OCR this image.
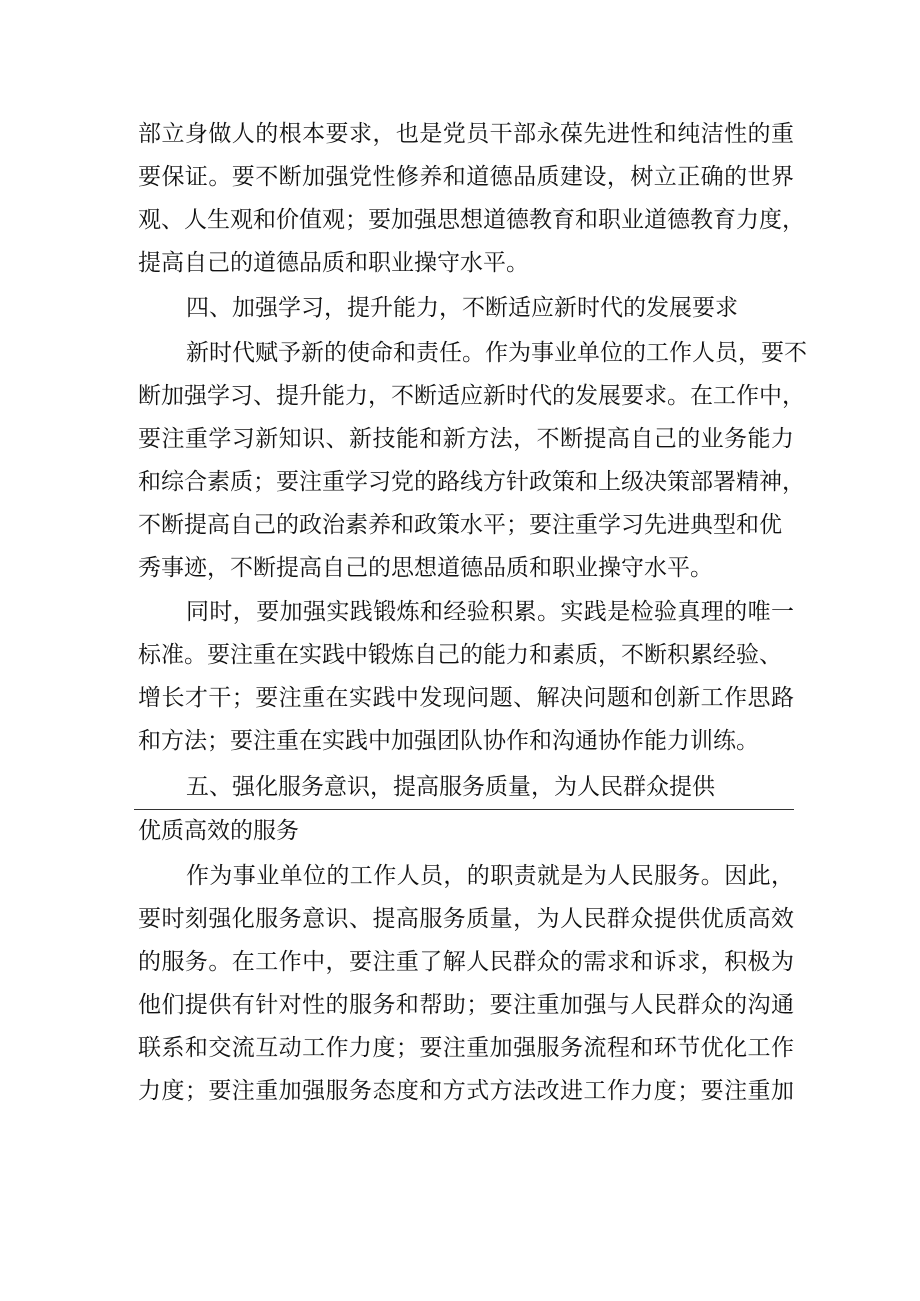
部立身做人的根本要求，也是党员干部永葆先进性和纯洁性的重
要保证。要不断加强党性修养和道德品质建设，树立正确的世界
观、人生观和价值观；要加强思想道德教育和职业道德教育力度，
提高自己的道德品质和职业操守水平。
四、加强学习，提升能力，不断适应新时代的发展要求
新时代赋予新的使命和责任。作为事业单位的工作人员，要不
断加强学习、提升能力，不断适应新时代的发展要求。在工作中，
要注重学习新知识、新技能和新方法，不断提高自己的业务能力
和综合素质；要注重学习党的路线方针政策和上级决策部署精神，
不断提高自己的政治素养和政策水平；要注重学习先进典型和优
秀事迹，不断提高自己的思想道德品质和职业操守水平。
同时，要加强实践锻炼和经验积累。实践是检验真理的唯一
标准。要注重在实践中锻炼自己的能力和素质，不断积累经验、
增长才干；要注重在实践中发现问题、解决问题和创新工作思路
和方法；要注重在实践中加强团队协作和沟通协作能力训练。
五、强化服务意识，提高服务质量，为人民群众提供
优质高效的服务
作为事业单位的工作人员，的职责就是为人民服务。因此，
要时刻强化服务意识、提高服务质量，为人民群众提供优质高效
的服务。在工作中，要注重了解人民群众的需求和诉求，积极为
他们提供有针对性的服务和帮助；要注重加强与人民群众的沟通
联系和交流互动工作力度；要注重加强服务流程和环节优化工作
力度；要注重加强服务态度和方式方法改进工作力度；要注重加
